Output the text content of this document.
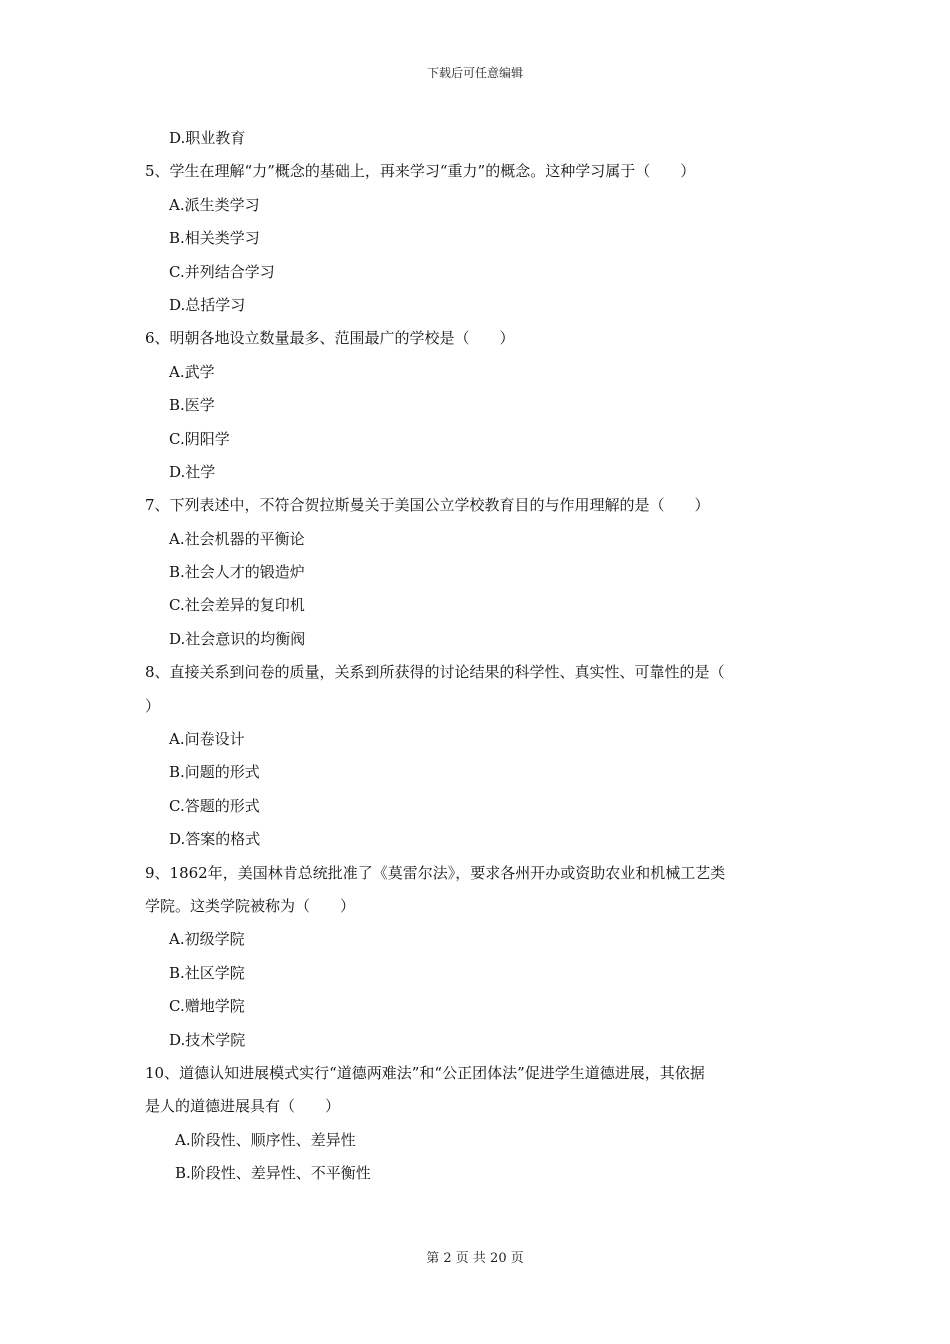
下载后可任意编辑
D.职业教育
5、学生在理解“力”概念的基础上，再来学习“重力”的概念。这种学习属于（　　）
A.派生类学习
B.相关类学习
C.并列结合学习
D.总括学习
6、明朝各地设立数量最多、范围最广的学校是（　　）
A.武学
B.医学
C.阴阳学
D.社学
7、下列表述中，不符合贺拉斯曼关于美国公立学校教育目的与作用理解的是（　　）
A.社会机器的平衡论
B.社会人才的锻造炉
C.社会差异的复印机
D.社会意识的均衡阀
8、直接关系到问卷的质量，关系到所获得的讨论结果的科学性、真实性、可靠性的是（
）
A.问卷设计
B.问题的形式
C.答题的形式
D.答案的格式
9、1862年，美国林肯总统批准了《莫雷尔法》，要求各州开办或资助农业和机械工艺类
学院。这类学院被称为（　　）
A.初级学院
B.社区学院
C.赠地学院
D.技术学院
10、道德认知进展模式实行“道德两难法”和“公正团体法”促进学生道德进展，其依据
是人的道德进展具有（　　）
A.阶段性、顺序性、差异性
B.阶段性、差异性、不平衡性
第 2 页 共 20 页
